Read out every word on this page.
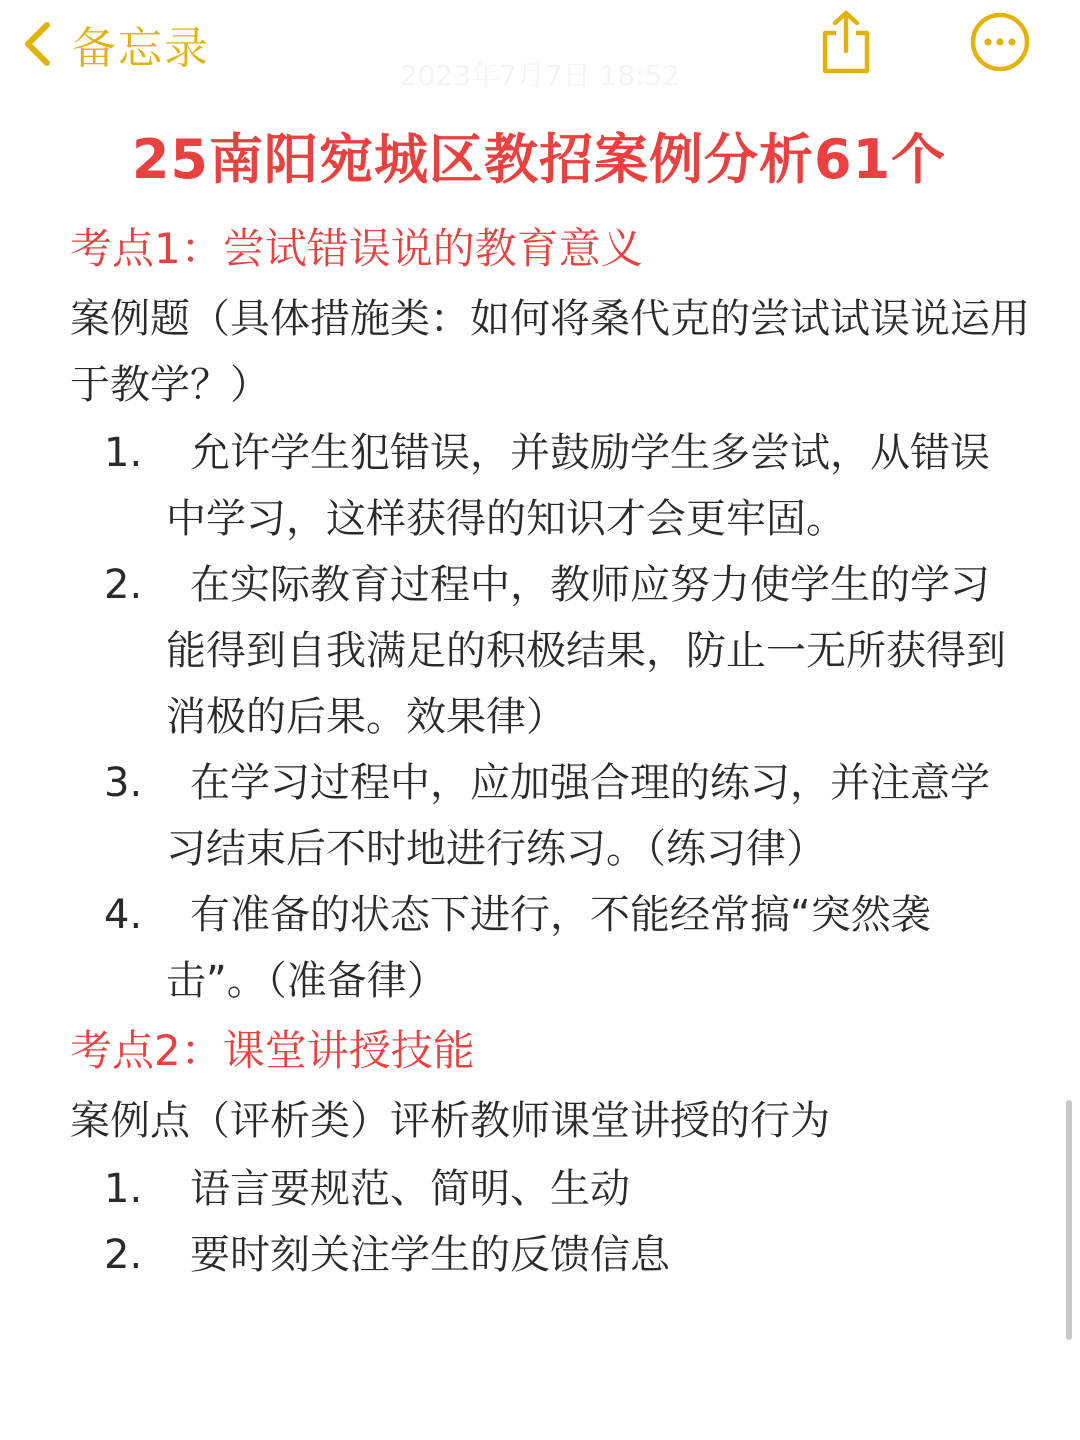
备忘录
2023年7月7日 18:52
25南阳宛城区教招案例分析61个
考点1：尝试错误说的教育意义

案例题（具体措施类：如何将桑代克的尝试试误说运用于教学？）

1. 允许学生犯错误，并鼓励学生多尝试，从错误中学习，这样获得的知识才会更牢固。
2. 在实际教育过程中，教师应努力使学生的学习能得到自我满足的积极结果，防止一无所获得到消极的后果。效果律）
3. 在学习过程中，应加强合理的练习，并注意学习结束后不时地进行练习。（练习律）
4. 有准备的状态下进行，不能经常搞“突然袭击”。（准备律）
考点2：课堂讲授技能

案例点（评析类）评析教师课堂讲授的行为

1. 语言要规范、简明、生动
2. 要时刻关注学生的反馈信息
